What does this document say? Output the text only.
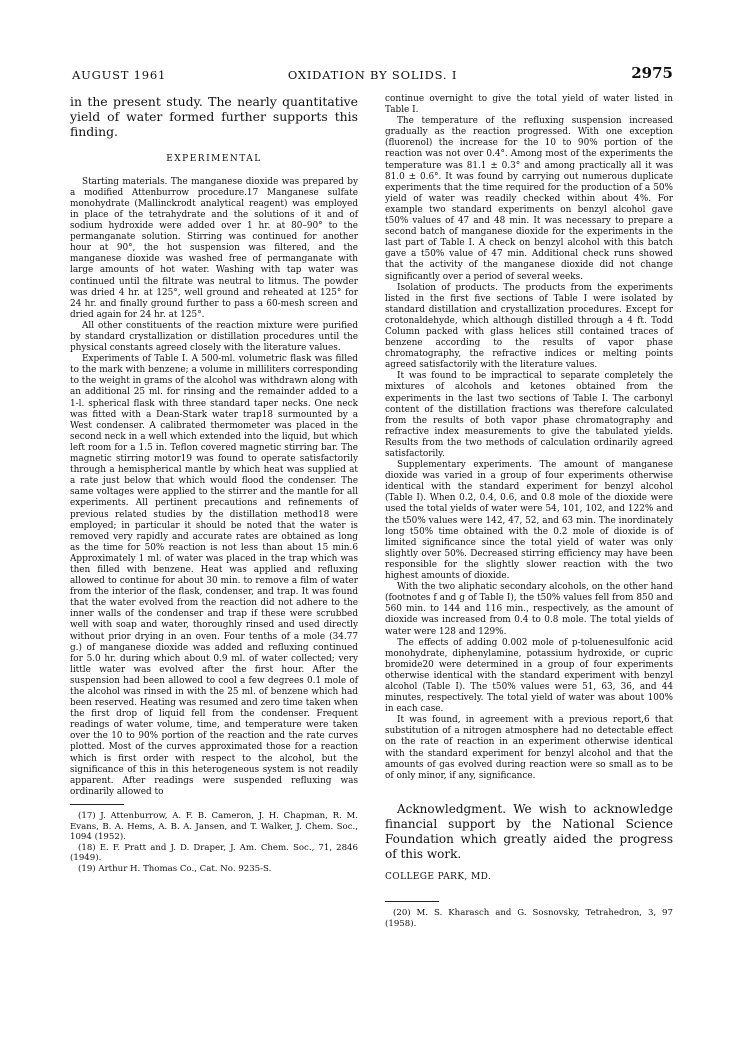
AUGUST 1961	OXIDATION BY SOLIDS. I	2975

in the present study. The nearly quantitative yield of water formed further supports this finding.

EXPERIMENTAL

Starting materials. The manganese dioxide was prepared by a modified Attenburrow procedure.17 Manganese sulfate monohydrate (Mallinckrodt analytical reagent) was employed in place of the tetrahydrate and the solutions of it and of sodium hydroxide were added over 1 hr. at 80–90° to the permanganate solution. Stirring was continued for another hour at 90°, the hot suspension was filtered, and the manganese dioxide was washed free of permanganate with large amounts of hot water. Washing with tap water was continued until the filtrate was neutral to litmus. The powder was dried 4 hr. at 125°, well ground and reheated at 125° for 24 hr. and finally ground further to pass a 60-mesh screen and dried again for 24 hr. at 125°.

All other constituents of the reaction mixture were purified by standard crystallization or distillation procedures until the physical constants agreed closely with the literature values.

Experiments of Table I. A 500-ml. volumetric flask was filled to the mark with benzene; a volume in milliliters corresponding to the weight in grams of the alcohol was withdrawn along with an additional 25 ml. for rinsing and the remainder added to a 1-l. spherical flask with three standard taper necks. One neck was fitted with a Dean-Stark water trap18 surmounted by a West condenser. A calibrated thermometer was placed in the second neck in a well which extended into the liquid, but which left room for a 1.5 in. Teflon covered magnetic stirring bar. The magnetic stirring motor19 was found to operate satisfactorily through a hemispherical mantle by which heat was supplied at a rate just below that which would flood the condenser. The same voltages were applied to the stirrer and the mantle for all experiments. All pertinent precautions and refinements of previous related studies by the distillation method18 were employed; in particular it should be noted that the water is removed very rapidly and accurate rates are obtained as long as the time for 50% reaction is not less than about 15 min.6 Approximately 1 ml. of water was placed in the trap which was then filled with benzene. Heat was applied and refluxing allowed to continue for about 30 min. to remove a film of water from the interior of the flask, condenser, and trap. It was found that the water evolved from the reaction did not adhere to the inner walls of the condenser and trap if these were scrubbed well with soap and water, thoroughly rinsed and used directly without prior drying in an oven. Four tenths of a mole (34.77 g.) of manganese dioxide was added and refluxing continued for 5.0 hr. during which about 0.9 ml. of water collected; very little water was evolved after the first hour. After the suspension had been allowed to cool a few degrees 0.1 mole of the alcohol was rinsed in with the 25 ml. of benzene which had been reserved. Heating was resumed and zero time taken when the first drop of liquid fell from the condenser. Frequent readings of water volume, time, and temperature were taken over the 10 to 90% portion of the reaction and the rate curves plotted. Most of the curves approximated those for a reaction which is first order with respect to the alcohol, but the significance of this in this heterogeneous system is not readily apparent. After readings were suspended refluxing was ordinarily allowed to

(17) J. Attenburrow, A. F. B. Cameron, J. H. Chapman, R. M. Evans, B. A. Hems, A. B. A. Jansen, and T. Walker, J. Chem. Soc., 1094 (1952).

(18) E. F. Pratt and J. D. Draper, J. Am. Chem. Soc., 71, 2846 (1949).

(19) Arthur H. Thomas Co., Cat. No. 9235-S.

continue overnight to give the total yield of water listed in Table I.

The temperature of the refluxing suspension increased gradually as the reaction progressed. With one exception (fluorenol) the increase for the 10 to 90% portion of the reaction was not over 0.4°. Among most of the experiments the temperature was 81.1 ± 0.3° and among practically all it was 81.0 ± 0.6°. It was found by carrying out numerous duplicate experiments that the time required for the production of a 50% yield of water was readily checked within about 4%. For example two standard experiments on benzyl alcohol gave t50% values of 47 and 48 min. It was necessary to prepare a second batch of manganese dioxide for the experiments in the last part of Table I. A check on benzyl alcohol with this batch gave a t50% value of 47 min. Additional check runs showed that the activity of the manganese dioxide did not change significantly over a period of several weeks.

Isolation of products. The products from the experiments listed in the first five sections of Table I were isolated by standard distillation and crystallization procedures. Except for crotonaldehyde, which although distilled through a 4 ft. Todd Column packed with glass helices still contained traces of benzene according to the results of vapor phase chromatography, the refractive indices or melting points agreed satisfactorily with the literature values.

It was found to be impractical to separate completely the mixtures of alcohols and ketones obtained from the experiments in the last two sections of Table I. The carbonyl content of the distillation fractions was therefore calculated from the results of both vapor phase chromatography and refractive index measurements to give the tabulated yields. Results from the two methods of calculation ordinarily agreed satisfactorily.

Supplementary experiments. The amount of manganese dioxide was varied in a group of four experiments otherwise identical with the standard experiment for benzyl alcohol (Table I). When 0.2, 0.4, 0.6, and 0.8 mole of the dioxide were used the total yields of water were 54, 101, 102, and 122% and the t50% values were 142, 47, 52, and 63 min. The inordinately long t50% time obtained with the 0.2 mole of dioxide is of limited significance since the total yield of water was only slightly over 50%. Decreased stirring efficiency may have been responsible for the slightly slower reaction with the two highest amounts of dioxide.

With the two aliphatic secondary alcohols, on the other hand (footnotes f and g of Table I), the t50% values fell from 850 and 560 min. to 144 and 116 min., respectively, as the amount of dioxide was increased from 0.4 to 0.8 mole. The total yields of water were 128 and 129%.

The effects of adding 0.002 mole of p-toluenesulfonic acid monohydrate, diphenylamine, potassium hydroxide, or cupric bromide20 were determined in a group of four experiments otherwise identical with the standard experiment with benzyl alcohol (Table I). The t50% values were 51, 63, 36, and 44 minutes, respectively. The total yield of water was about 100% in each case.

It was found, in agreement with a previous report,6 that substitution of a nitrogen atmosphere had no detectable effect on the rate of reaction in an experiment otherwise identical with the standard experiment for benzyl alcohol and that the amounts of gas evolved during reaction were so small as to be of only minor, if any, significance.

Acknowledgment. We wish to acknowledge financial support by the National Science Foundation which greatly aided the progress of this work.

COLLEGE PARK, MD.

(20) M. S. Kharasch and G. Sosnovsky, Tetrahedron, 3, 97 (1958).
